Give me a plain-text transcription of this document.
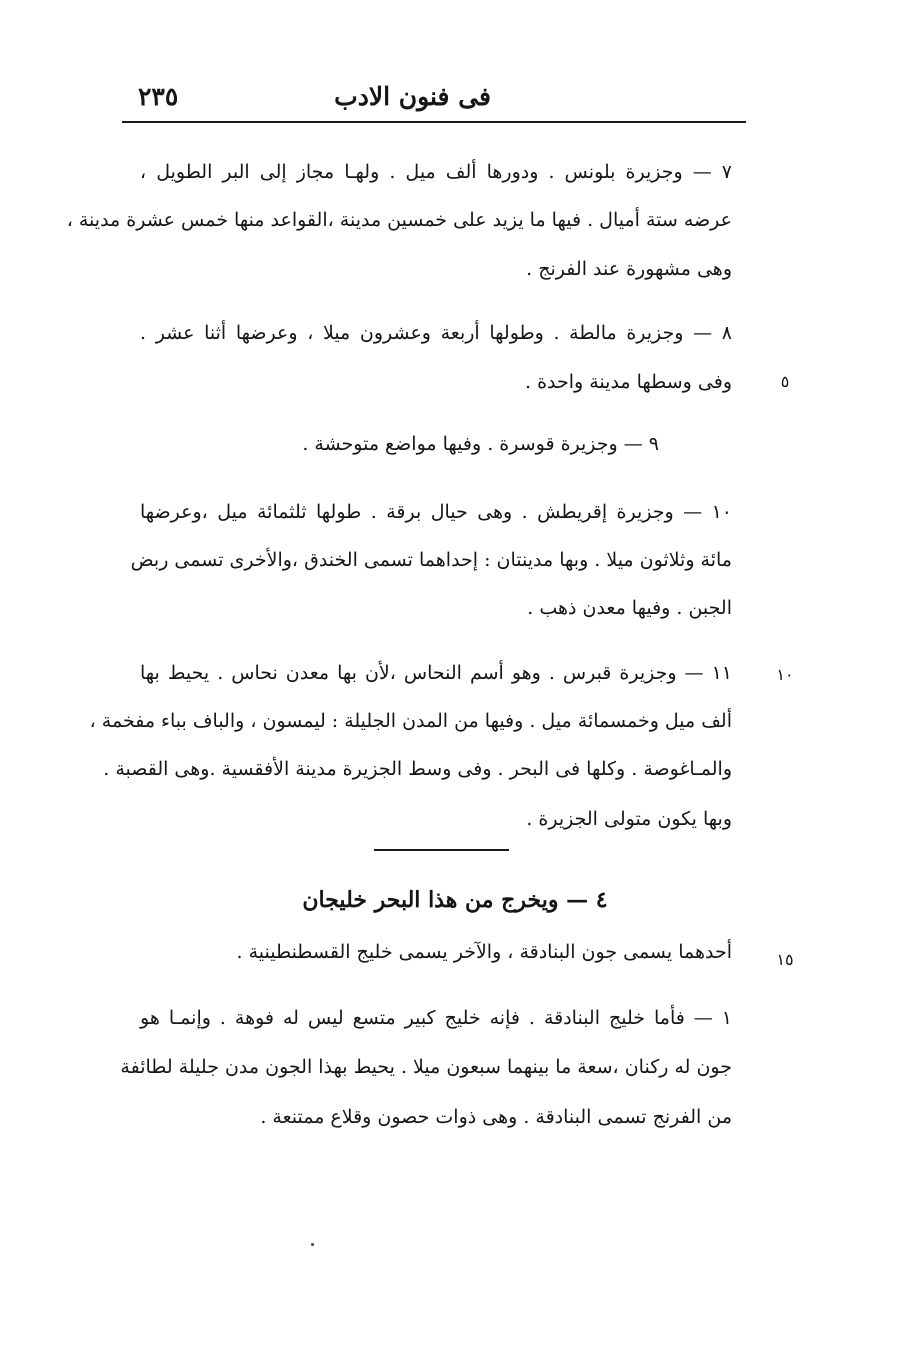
فى فنون الادب
٢٣٥
٧ — وجزيرة بلونس . ودورها ألف ميل . ولهـا مجاز إلى البر الطويل ،
عرضه ستة أميال . فيها ما يزيد على خمسين مدينة ،القواعد منها خمس عشرة مدينة ،
وهى مشهورة عند الفرنج .
٨ — وجزيرة مالطة . وطولها أربعة وعشرون ميلا ، وعرضها أثنا عشر .
وفى وسطها مدينة واحدة .
٩ — وجزيرة قوسرة . وفيها مواضع متوحشة .
١٠ — وجزيرة إقريطش . وهى حيال برقة . طولها ثلثمائة ميل ،وعرضها
مائة وثلاثون ميلا . وبها مدينتان : إحداهما تسمى الخندق ،والأخرى تسمى ربض
الجبن . وفيها معدن ذهب .
١١ — وجزيرة قبرس . وهو أسم النحاس ،لأن بها معدن نحاس . يحيط بها
ألف ميل وخمسمائة ميل . وفيها من المدن الجليلة : ليمسون ، والباف بباء مفخمة ،
والمـاغوصة . وكلها فى البحر . وفى وسط الجزيرة مدينة الأفقسية .وهى القصبة .
وبها يكون متولى الجزيرة .
٤ — ويخرج من هذا البحر خليجان
أحدهما يسمى جون البنادقة ، والآخر يسمى خليج القسطنطينية .
١ — فأما خليج البنادقة . فإنه خليج كبير متسع ليس له فوهة . وإنمـا هو
جون له ركنان ،سعة ما بينهما سبعون ميلا . يحيط بهذا الجون مدن جليلة لطائفة
من الفرنج تسمى البنادقة . وهى ذوات حصون وقلاع ممتنعة .
٥
١٠
١٥
